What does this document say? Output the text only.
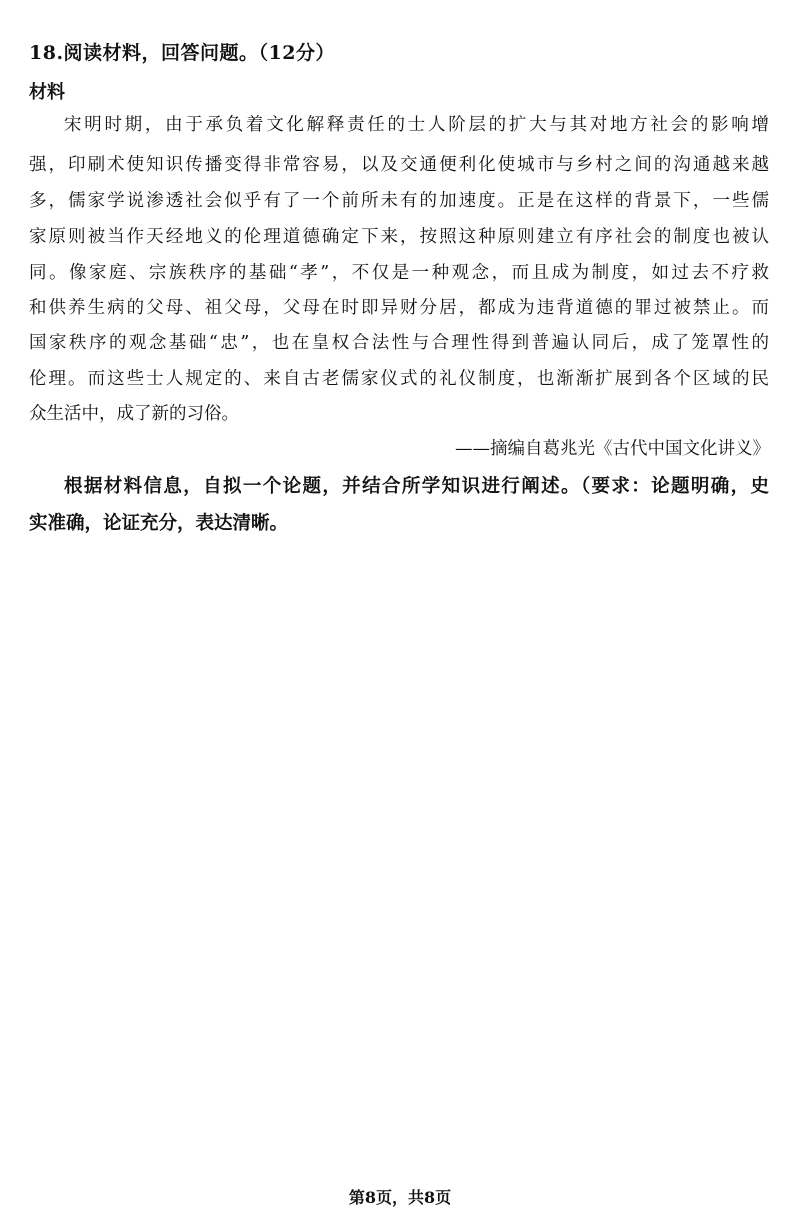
18.阅读材料，回答问题。（12分）
材料
宋明时期，由于承负着文化解释责任的士人阶层的扩大与其对地方社会的影响增
强，印刷术使知识传播变得非常容易，以及交通便利化使城市与乡村之间的沟通越来越
多，儒家学说渗透社会似乎有了一个前所未有的加速度。正是在这样的背景下，一些儒
家原则被当作天经地义的伦理道德确定下来，按照这种原则建立有序社会的制度也被认
同。像家庭、宗族秩序的基础“孝”，不仅是一种观念，而且成为制度，如过去不疗救
和供养生病的父母、祖父母，父母在时即异财分居，都成为违背道德的罪过被禁止。而
国家秩序的观念基础“忠”，也在皇权合法性与合理性得到普遍认同后，成了笼罩性的
伦理。而这些士人规定的、来自古老儒家仪式的礼仪制度，也渐渐扩展到各个区域的民
众生活中，成了新的习俗。
——摘编自葛兆光《古代中国文化讲义》
根据材料信息，自拟一个论题，并结合所学知识进行阐述。（要求：论题明确，史
实准确，论证充分，表达清晰。
第8页，共8页
